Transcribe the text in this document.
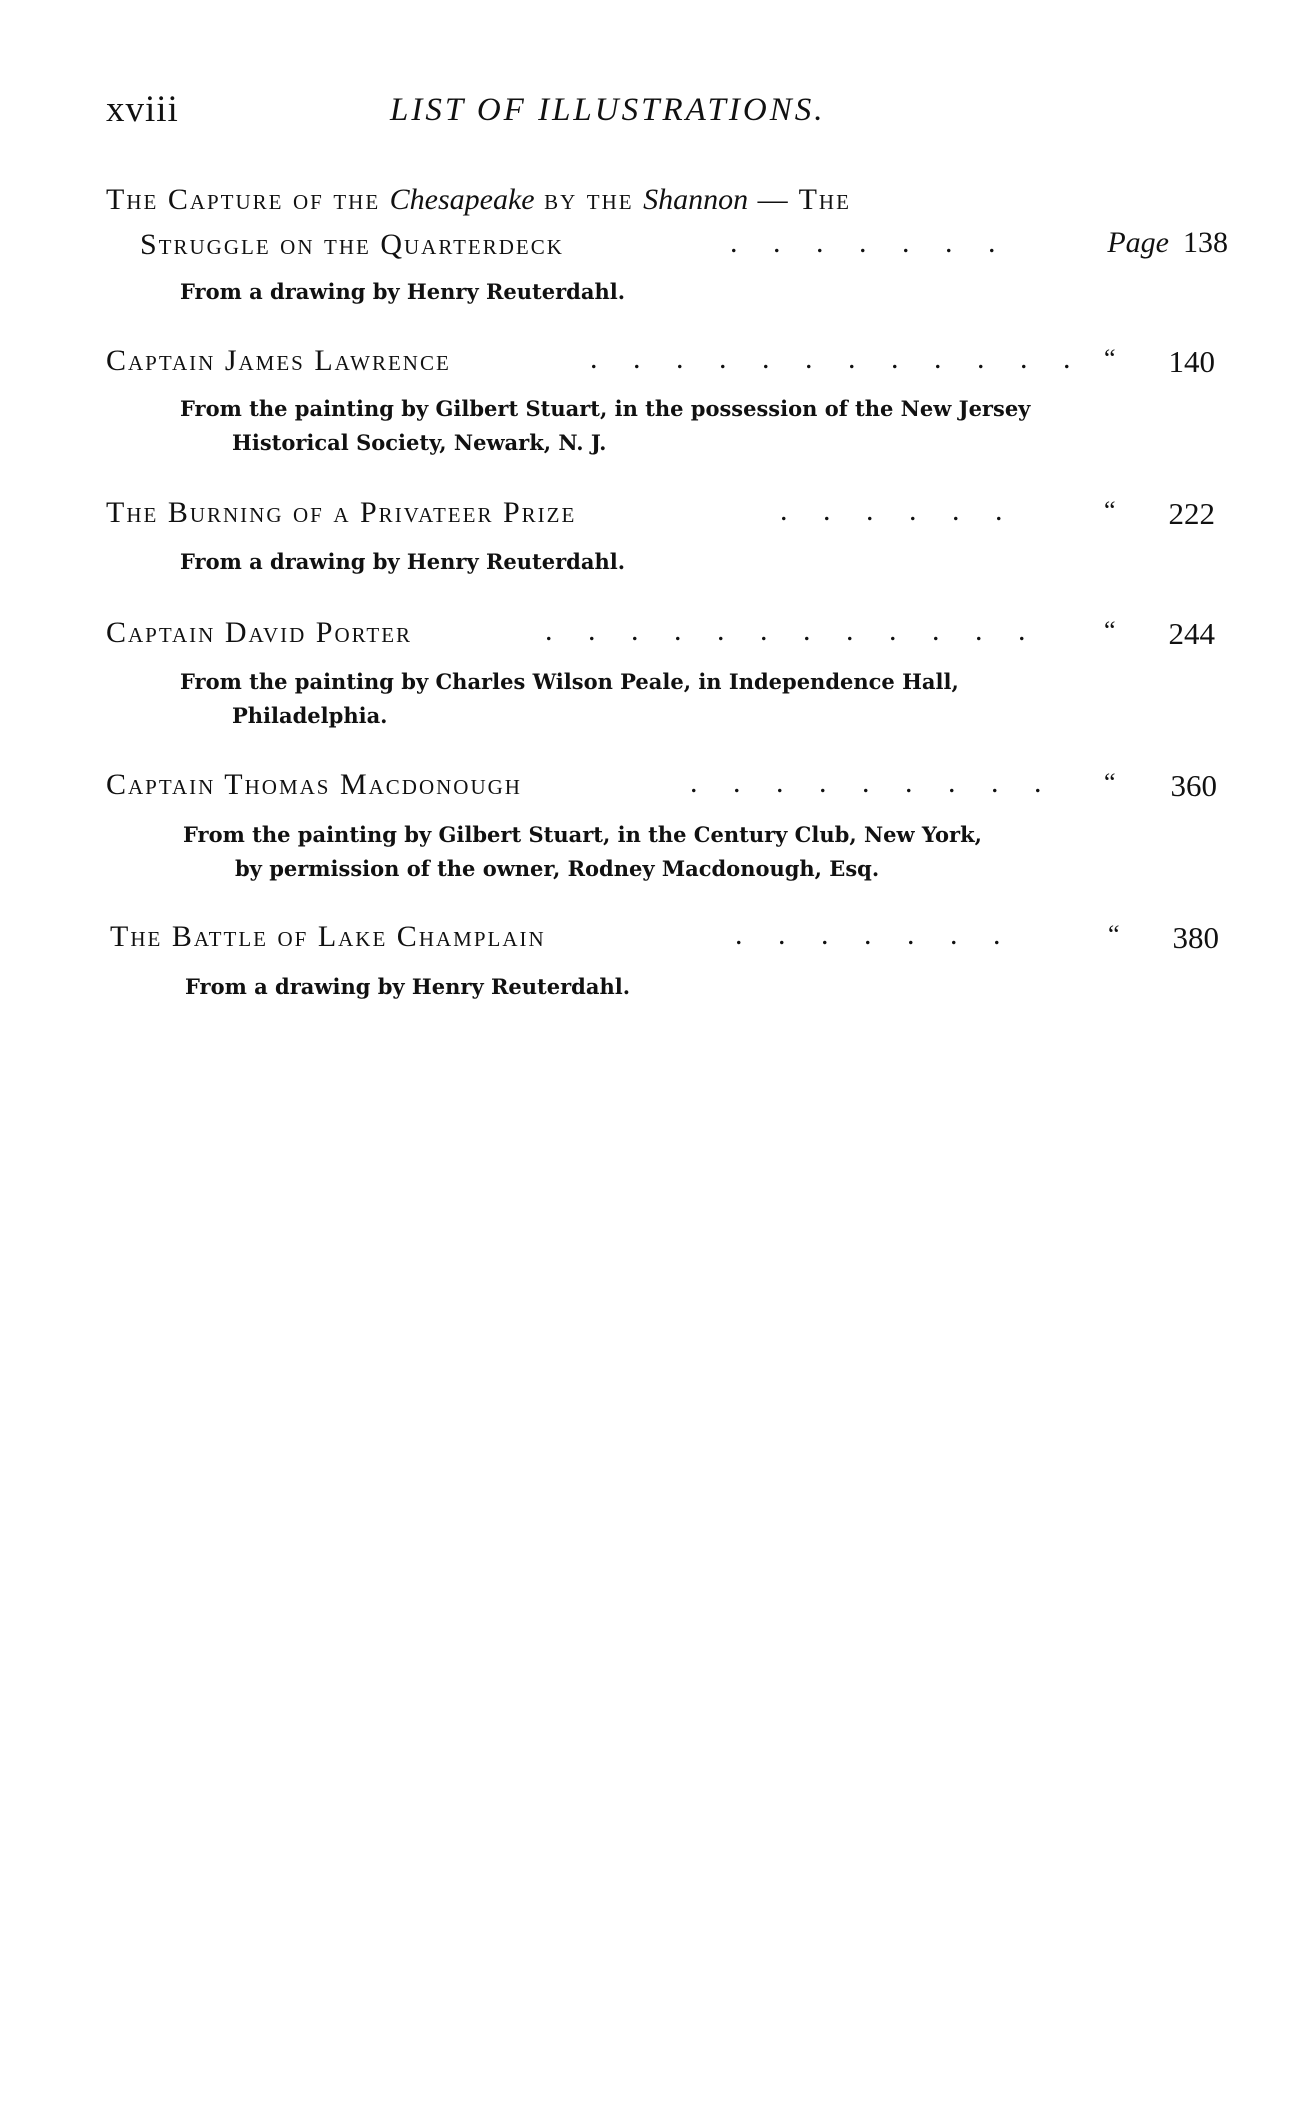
xviii	LIST OF ILLUSTRATIONS.
The Capture of the Chesapeake by the Shannon — The
Struggle on the Quarterdeck	. . . . . . .	Page 138
From a drawing by Henry Reuterdahl.
Captain James Lawrence	. . . . . . . . . . . . “	140
From the painting by Gilbert Stuart, in the possession of the New Jersey
Historical Society, Newark, N. J.
The Burning of a Privateer Prize	. . . . . .	“	222
From a drawing by Henry Reuterdahl.
Captain David Porter	. . . . . . . . . . . . “	244
From the painting by Charles Wilson Peale, in Independence Hall,
Philadelphia.
Captain Thomas Macdonough	. . . . . . . . . “	360
From the painting by Gilbert Stuart, in the Century Club, New York,
by permission of the owner, Rodney Macdonough, Esq.
The Battle of Lake Champlain	. . . . . . .	“	380
From a drawing by Henry Reuterdahl.
